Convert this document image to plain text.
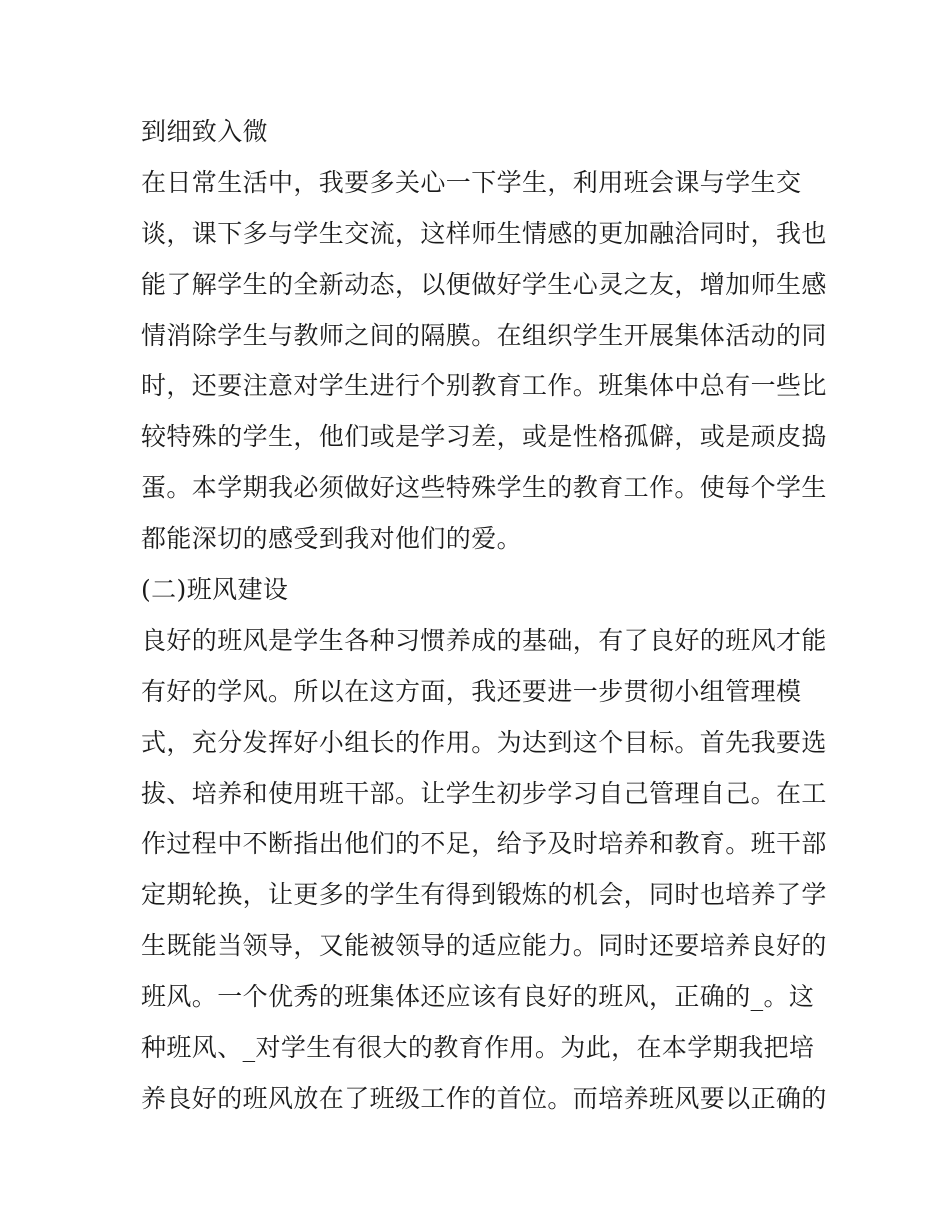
到细致入微
在日常生活中，我要多关心一下学生，利用班会课与学生交
谈，课下多与学生交流，这样师生情感的更加融洽同时，我也
能了解学生的全新动态，以便做好学生心灵之友，增加师生感
情消除学生与教师之间的隔膜。在组织学生开展集体活动的同
时，还要注意对学生进行个别教育工作。班集体中总有一些比
较特殊的学生，他们或是学习差，或是性格孤僻，或是顽皮捣
蛋。本学期我必须做好这些特殊学生的教育工作。使每个学生
都能深切的感受到我对他们的爱。
(二)班风建设
良好的班风是学生各种习惯养成的基础，有了良好的班风才能
有好的学风。所以在这方面，我还要进一步贯彻小组管理模
式，充分发挥好小组长的作用。为达到这个目标。首先我要选
拔、培养和使用班干部。让学生初步学习自己管理自己。在工
作过程中不断指出他们的不足，给予及时培养和教育。班干部
定期轮换，让更多的学生有得到锻炼的机会，同时也培养了学
生既能当领导，又能被领导的适应能力。同时还要培养良好的
班风。一个优秀的班集体还应该有良好的班风，正确的_。这
种班风、_对学生有很大的教育作用。为此，在本学期我把培
养良好的班风放在了班级工作的首位。而培养班风要以正确的
